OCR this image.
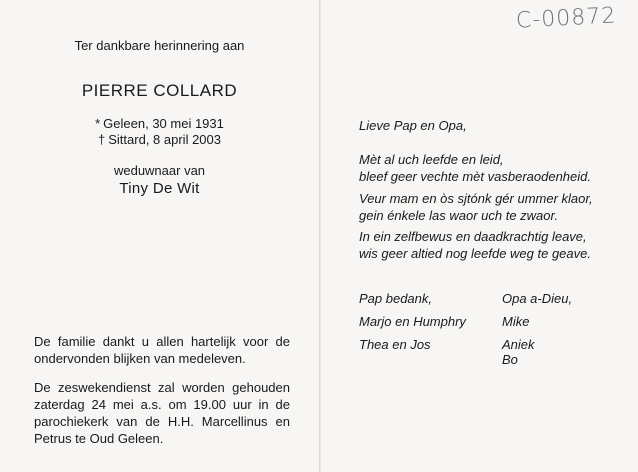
Ter dankbare herinnering aan
PIERRE COLLARD
* Geleen, 30 mei 1931
† Sittard, 8 april 2003
weduwnaar van
Tiny De Wit
De familie dankt u allen hartelijk voor de ondervonden blijken van medeleven.
De zeswekendienst zal worden gehouden zaterdag 24 mei a.s. om 19.00 uur in de parochiekerk van de H.H. Marcellinus en Petrus te Oud Geleen.
C-00872
Lieve Pap en Opa,
Mèt al uch leefde en leid,
bleef geer vechte mèt vasberaodenheid.
Veur mam en òs sjtónk gér ummer klaor,
gein énkele las waor uch te zwaor.
In ein zelfbewus en daadkrachtig leave,
wis geer altied nog leefde weg te geave.
Pap bedank,
Marjo en Humphry
Thea en Jos
Opa a-Dieu,
Mike
Aniek
Bo
